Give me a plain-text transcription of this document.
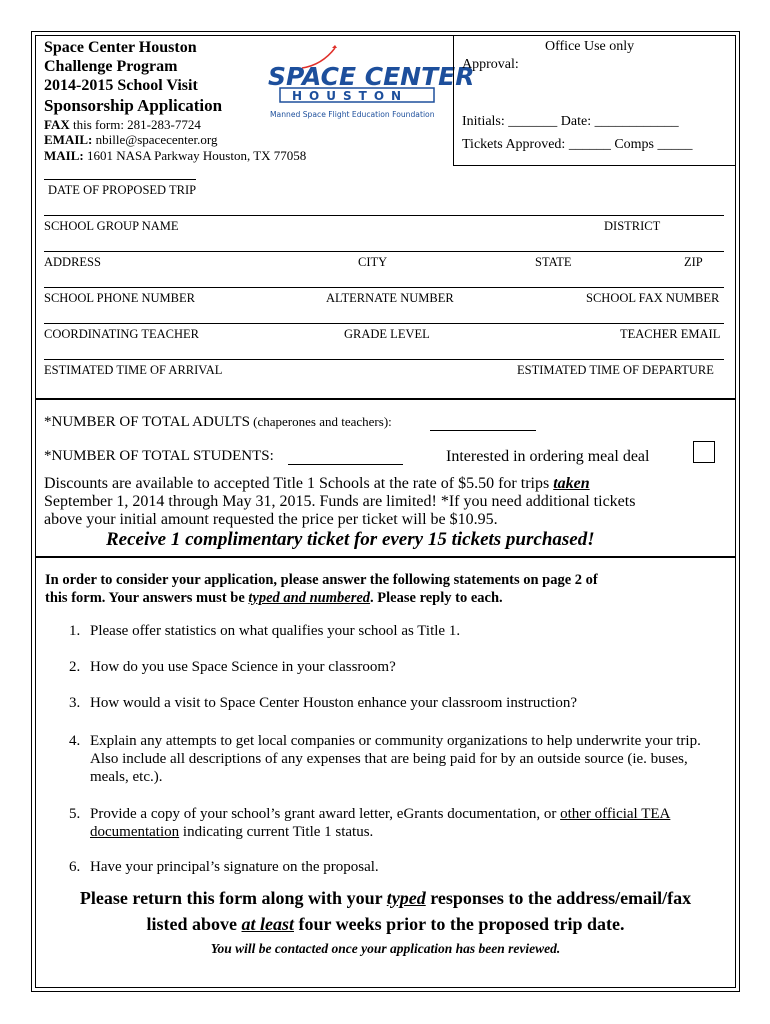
Space Center Houston
Challenge Program
2014-2015 School Visit
Sponsorship Application
FAX this form: 281-283-7724
EMAIL: nbille@spacecenter.org
MAIL: 1601 NASA Parkway Houston, TX 77058
SPACE CENTER
HOUSTON
Manned Space Flight Education Foundation
Office Use only
Approval:
Initials: _______ Date: ____________
Tickets Approved: ______ Comps _____
DATE OF PROPOSED TRIP
SCHOOL GROUP NAME	DISTRICT
ADDRESS	CITY	STATE	ZIP
SCHOOL PHONE NUMBER	ALTERNATE NUMBER	SCHOOL FAX NUMBER
COORDINATING TEACHER	GRADE LEVEL	TEACHER EMAIL
ESTIMATED TIME OF ARRIVAL	ESTIMATED TIME OF DEPARTURE
*NUMBER OF TOTAL ADULTS (chaperones and teachers):
*NUMBER OF TOTAL STUDENTS:	Interested in ordering meal deal
Discounts are available to accepted Title 1 Schools at the rate of $5.50 for trips taken
September 1, 2014 through May 31, 2015. Funds are limited! *If you need additional tickets
above your initial amount requested the price per ticket will be $10.95.
Receive 1 complimentary ticket for every 15 tickets purchased!
In order to consider your application, please answer the following statements on page 2 of
this form. Your answers must be typed and numbered. Please reply to each.
1. Please offer statistics on what qualifies your school as Title 1.
2. How do you use Space Science in your classroom?
3. How would a visit to Space Center Houston enhance your classroom instruction?
4. Explain any attempts to get local companies or community organizations to help underwrite your trip. Also include all descriptions of any expenses that are being paid for by an outside source (ie. buses, meals, etc.).
5. Provide a copy of your school’s grant award letter, eGrants documentation, or other official TEA documentation indicating current Title 1 status.
6. Have your principal’s signature on the proposal.
Please return this form along with your typed responses to the address/email/fax
listed above at least four weeks prior to the proposed trip date.
You will be contacted once your application has been reviewed.
